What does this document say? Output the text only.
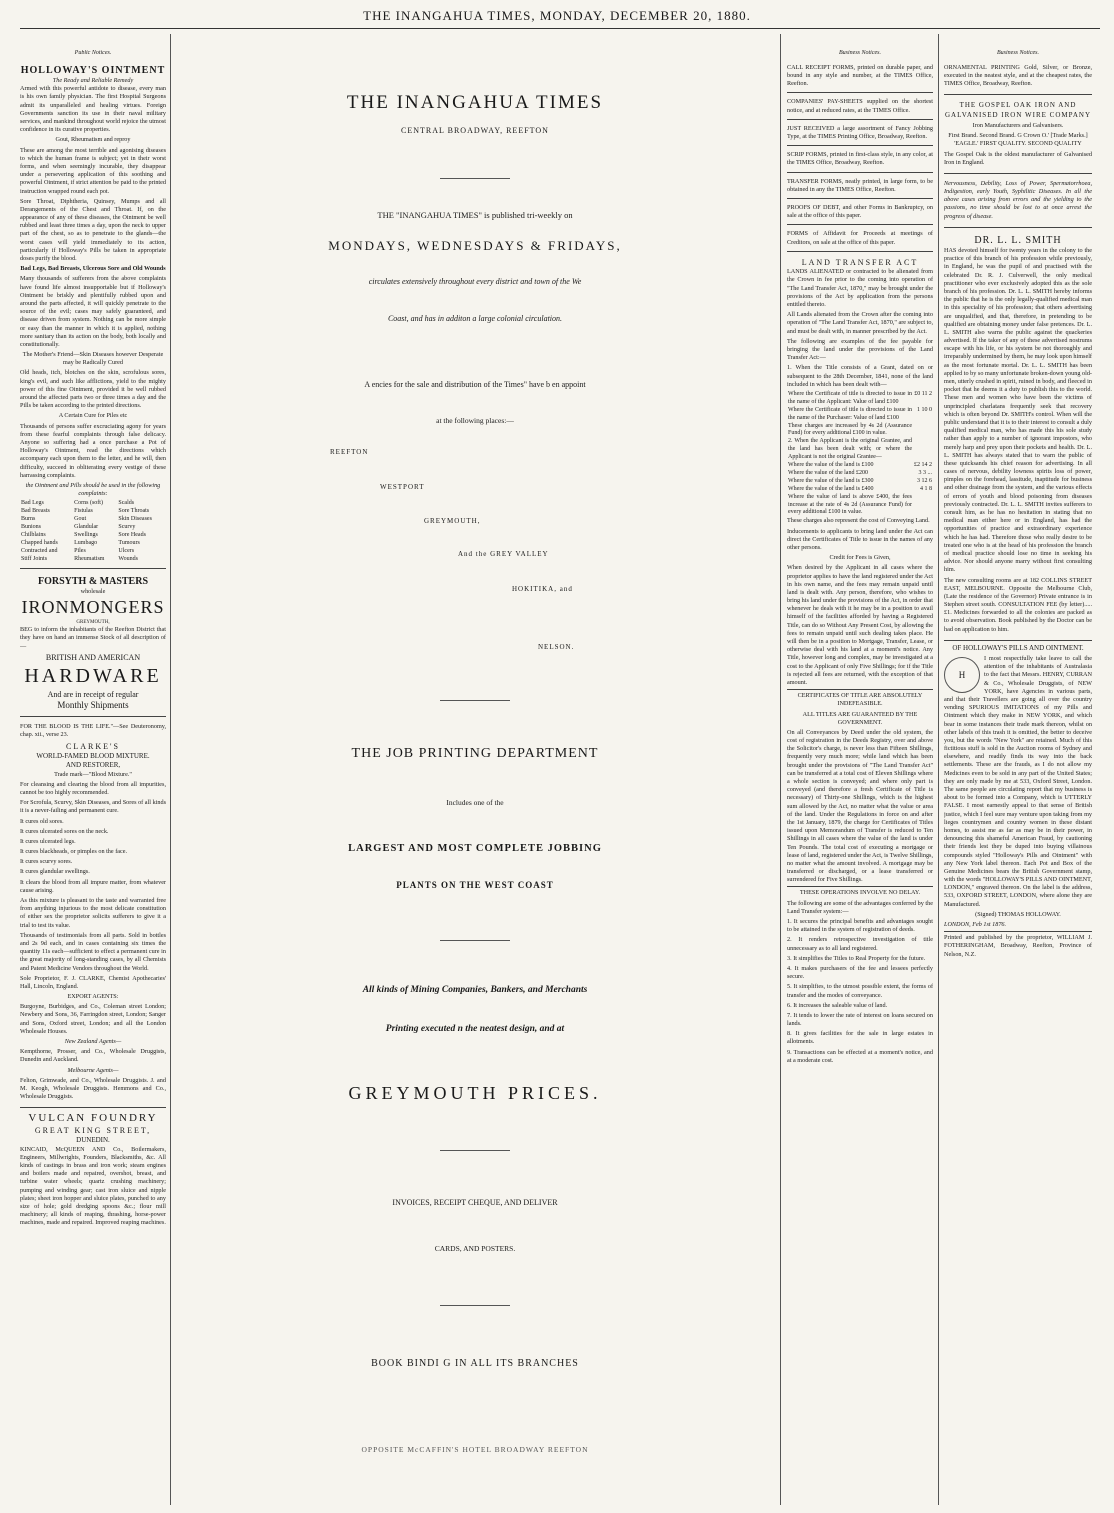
THE INANGAHUA TIMES, MONDAY, DECEMBER 20, 1880.
Public Notices.
HOLLOWAY'S OINTMENT
The Ready and Reliable Remedy

Armed with this powerful antidote to disease, every man is his own family physician. The first Hospital Surgeons admit its unparalleled and healing virtues. Foreign Governments sanction its use in their naval military services, and mankind throughout world rejoice the utmost confidence in its curative properties.

Gout, Rheumatism and reproy

These are among the most terrible and agonising diseases to which the human frame is subject; yet in their worst forms, and when seemingly incurable, they disappear under a persevering application of this soothing and powerful Ointment, if strict attention be paid to the printed instruction wrapped round each pot.

Sore Throat, Diphtheria, Quinsey, Mumps and all Derangements of the Chest and Throat. If, on the appearance of any of these diseases, the Ointment be well rubbed and least three times a day, upon the neck to upper part of the chest, so as to penetrate to the glands—the worst cases will yield immediately to its action, particularly if Holloway's Pills be taken in appropriate doses purify the blood.

Bad Legs, Bad Breasts, Ulcerous Sore and Old Wounds

Many thousands of sufferers from the above complaints have found life almost insupportable but if Holloway's Ointment be briskly and plentifully rubbed upon and around the parts affected, it will quickly penetrate to the source of the evil; cases may safely guaranteed, and disease driven from system. Nothing can be more simple or easy than the manner in which it is applied, nothing more sanitary than its action on the body, both locally and constitutionally.

The Mother's Friend—Skin Diseases however Desperate may be Radically Cured

Old heads, itch, blotches on the skin, scrofulous sores, king's evil, and such like afflictions, yield to the mighty power of this fine Ointment, provided it be well rubbed around the affected parts two or three times a day and the Pills be taken according to the printed directions.

A Certain Cure for Piles etc

Thousands of persons suffer excruciating agony for years from these fearful complaints through false delicacy. Anyone so suffering had a once purchase a Pot of Holloway's Ointment, read the directions which accompany each upon them to the letter, and he will, then difficulty, succeed in obliterating every vestige of these harrassing complaints.

the Ointment and Pills should be used in the following complaints:

Bad Legs	Corns (soft)	Scalds
Bad Breasts	Fistulas	Sore Throats
Burns	Gout	Skin Diseases
Bunions	Glandular	Scurvy
Chilblains	Swellings	Sore Heads
Chapped hands	Lumbago	Tumours
Contracted and	Piles	Ulcers
Stiff Joints	Rheumatism	Wounds
FORSYTH & MASTERS
wholesale
IRONMONGERS
GREYMOUTH,

BEG to inform the inhabitants of the Reefton District that they have on hand an immense Stock of all description of—

BRITISH AND AMERICAN
HARDWARE
And are in receipt of regular
Monthly Shipments

FOR THE BLOOD IS THE LIFE."—See Deuteronomy, chap. xii., verse 23.

CLARKE'S
WORLD-FAMED BLOOD MIXTURE.
AND RESTORER,

Trade mark—"Blood Mixture."

For cleansing and clearing the blood from all impurities, cannot be too highly recommended.

For Scrofula, Scurvy, Skin Diseases, and Sores of all kinds it is a never-failing and permanent cure.

It cures old sores.

It cures ulcerated sores on the neck.

It cures ulcerated legs.

It cures blackheads, or pimples on the face.

It cures scurvy sores.

It cures glandular swellings.

It clears the blood from all impure matter, from whatever cause arising.

As this mixture is pleasant to the taste and warranted free from anything injurious to the most delicate constitution of either sex the proprietor solicits sufferers to give it a trial to test its value.

Thousands of testimonials from all parts. Sold in bottles and 2s 9d each, and in cases containing six times the quantity 11s each—sufficient to effect a permanent cure in the great majority of long-standing cases, by all Chemists and Patent Medicine Vendors throughout the World.

Sole Proprietor, F. J. CLARKE, Chemist Apothecaries' Hall, Lincoln, England.

EXPORT AGENTS:

Burgoyne, Burbidges, and Co., Coleman street London; Newbery and Sons, 36, Farringdon street, London; Sanger and Sons, Oxford street, London; and all the London Wholesale Houses.

New Zealand Agents—

Kempthorne, Prosser, and Co., Wholesale Druggists, Dunedin and Auckland.

Melbourne Agents—

Felton, Grimwade, and Co., Wholesale Druggists. J. and M. Keogh, Wholesale Druggists. Hemmons and Co., Wholesale Druggists.

VULCAN FOUNDRY
GREAT KING STREET,
DUNEDIN.

KINCAID, McQUEEN AND Co., Boilermakers, Engineers, Millwrights, Founders, Blacksmiths, &c. All kinds of castings in brass and iron work; steam engines and boilers made and repaired, overshot, breast, and turbine water wheels; quartz crushing machinery; pumping and winding gear; cast iron sluice and nipple plates; sheet iron hopper and sluice plates, punched to any size of hole; gold dredging spoons &c.; flour mill machinery; all kinds of reaping, thrashing, horse-power machines, made and repaired. Improved reaping machines.

THE INANGAHUA TIMES
CENTRAL BROADWAY, REEFTON
THE "INANGAHUA TIMES" is published tri-weekly on
MONDAYS, WEDNESDAYS & FRIDAYS,
circulates extensively throughout every district and town of the We
Coast, and has in additon a large colonial circulation.
A encies for the sale and distribution of the Times" have b en appoint
at the following places:—
REEFTON
WESTPORT
GREYMOUTH,
And the GREY VALLEY
HOKITIKA, and
NELSON.
THE JOB PRINTING DEPARTMENT
Includes one of the
LARGEST AND MOST COMPLETE JOBBING
PLANTS ON THE WEST COAST
All kinds of Mining Companies, Bankers, and Merchants
Printing executed n the neatest design, and at
GREYMOUTH PRICES.
INVOICES, RECEIPT CHEQUE, AND DELIVER
CARDS, AND POSTERS.
BOOK BINDI G IN ALL ITS BRANCHES
OPPOSITE McCAFFIN'S HOTEL BROADWAY REEFTON
Business Notices.

CALL RECEIPT FORMS, printed on durable paper, and bound in any style and number, at the TIMES Office, Reefton.

COMPANIES' PAY-SHEETS supplied on the shortest notice, and at reduced rates, at the TIMES Office.

JUST RECEIVED a large assortment of Fancy Jobbing Type, at the TIMES Printing Office, Broadway, Reefton.

SCRIP FORMS, printed in first-class style, in any color, at the TIMES Office, Broadway, Reefton.

TRANSFER FORMS, neatly printed, in large form, to be obtained in any the TIMES Office, Reefton.

PROOFS OF DEBT, and other Forms in Bankruptcy, on sale at the office of this paper.

FORMS of Affidavit for Proceeds at meetings of Creditors, on sale at the office of this paper.

LAND TRANSFER ACT

LANDS ALIENATED or contracted to be alienated from the Crown in fee prior to the coming into operation of "The Land Transfer Act, 1870," may be brought under the provisions of the Act by application from the persons entitled thereto.

All Lands alienated from the Crown after the coming into operation of "The Land Transfer Act, 1870," are subject to, and must be dealt with, in manner prescribed by the Act.

The following are examples of the fee payable for bringing the land under the provisions of the Land Transfer Act:—

1. When the Title consists of a Grant, dated on or subsequent to the 28th December, 1841, none of the land included in which has been dealt with—

Where the Certificate of title is directed to issue in the name of the Applicant: Value of land £100	£0 11 2
Where the Certificate of title is directed to issue in the name of the Purchaser: Value of land £100	1 10 0
These charges are increased by 4s 2d (Assurance Fund) for every additional £100 in value.	
2. When the Applicant is the original Grantee, and the land has been dealt with; or where the Applicant is not the original Grantee—	
Where the value of the land is £100	£2 14 2
Where the value of the land £200	3 3 ...
Where the value of the land is £300	3 12 6
Where the value of the land is £400	4 1 8
Where the value of land is above £400, the fees increase at the rate of 4s 2d (Assurance Fund) for every additional £100 in value.	

These charges also represent the cost of Conveying Land.

Inducements to applicants to bring land under the Act can direct the Certificates of Title to issue in the names of any other persons.

Credit for Fees is Given,

When desired by the Applicant in all cases where the proprietor applies to have the land registered under the Act in his own name, and the fees may remain unpaid until land is dealt with. Any person, therefore, who wishes to bring his land under the provisions of the Act, in order that whenever he deals with it he may be in a position to avail himself of the facilities afforded by having a Registered Title, can do so Without Any Present Cost, by allowing the fees to remain unpaid until such dealing takes place. He will then be in a position to Mortgage, Transfer, Lease, or otherwise deal with his land at a moment's notice. Any Title, however long and complex, may be investigated at a cost to the Applicant of only Five Shillings; for if the Title is rejected all fees are returned, with the exception of that amount.

CERTIFICATES OF TITLE ARE ABSOLUTELY INDEFEASIBLE.

ALL TITLES ARE GUARANTEED BY THE GOVERNMENT.

On all Conveyances by Deed under the old system, the cost of registration in the Deeds Registry, over and above the Solicitor's charge, is never less than Fifteen Shillings, frequently very much more; while land which has been brought under the provisions of "The Land Transfer Act" can be transferred at a total cost of Eleven Shillings where a whole section is conveyed; and where only part is conveyed (and therefore a fresh Certificate of Title is necessary) of Thirty-one Shillings, which is the highest sum allowed by the Act, no matter what the value or area of the land. Under the Regulations in force on and after the 1st January, 1879, the charge for Certificates of Titles issued upon Memorandum of Transfer is reduced to Ten Shillings in all cases where the value of the land is under Ten Pounds. The total cost of executing a mortgage or lease of land, registered under the Act, is Twelve Shillings, no matter what the amount involved. A mortgage may be transferred or discharged, or a lease transferred or surrendered for Five Shillings.

THESE OPERATIONS INVOLVE NO DELAY.

The following are some of the advantages conferred by the Land Transfer system:—

1. It secures the principal benefits and advantages sought to be attained in the system of registration of deeds.

2. It renders retrospective investigation of title unnecessary as to all land registered.

3. It simplifies the Titles to Real Property for the future.

4. It makes purchasers of the fee and lessees perfectly secure.

5. It simplifies, to the utmost possible extent, the forms of transfer and the modes of conveyance.

6. It increases the saleable value of land.

7. It tends to lower the rate of interest on loans secured on lands.

8. It gives facilities for the sale in large estates in allotments.

9. Transactions can be effected at a moment's notice, and at a moderate cost.

Business Notices.

ORNAMENTAL PRINTING Gold, Silver, or Bronze, executed in the neatest style, and at the cheapest rates, the TIMES Office, Broadway, Reefton.

THE GOSPEL OAK IRON AND GALVANISED IRON WIRE COMPANY

Iron Manufacturers and Galvanisers.

First Brand. Second Brand. G Crown O.' [Trade Marks.] 'EAGLE.' FIRST QUALITY. SECOND QUALITY

The Gospel Oak is the oldest manufacturer of Galvanised Iron in England.

Nervousness, Debility, Loss of Power, Spermatorrhoea, Indigestion, early Youth, Syphilitic Diseases. In all the above cases arising from errors and the yielding to the passions, no time should be lost to at once arrest the progress of disease.

DR. L. L. SMITH

HAS devoted himself for twenty years in the colony to the practice of this branch of his profession while previously, in England, he was the pupil of and practised with the celebrated Dr. R. J. Culverwell, the only medical practitioner who ever exclusively adopted this as the sole branch of his profession. Dr. L. L. SMITH hereby informs the public that he is the only legally-qualified medical man in this speciality of his profession; that others advertising are unqualified, and that, therefore, in pretending to be qualified are obtaining money under false pretences. Dr. L. L. SMITH also warns the public against the quackeries advertised. If the taker of any of these advertised nostrums escape with his life, or his system be not thoroughly and irreparably undermined by them, he may look upon himself as the most fortunate mortal. Dr. L. L. SMITH has been applied to by so many unfortunate broken-down young old-men, utterly crushed in spirit, ruined in body, and fleeced in pocket that he deems it a duty to publish this to the world. These men and women who have been the victims of unprincipled charlatans frequently seek that recovery which is often beyond Dr. SMITH's control. When will the public understand that it is to their interest to consult a duly qualified medical man, who has made this his sole study rather than apply to a number of ignorant impostors, who merely harp and prey upon their pockets and health. Dr. L. L. SMITH has always stated that to warn the public of these quicksands his chief reason for advertising. In all cases of nervous, debility lowness spirits loss of power, pimples on the forehead, lassitude, inaptitude for business and other drainage from the system, and the various effects of errors of youth and blood poisoning from diseases previously contracted. Dr. L. L. SMITH invites sufferers to consult him, as he has no hesitation in stating that no medical man either here or in England, has had the opportunities of practice and extraordinary experience which he has had. Therefore those who really desire to be treated one who is at the head of his profession the branch of medical practice should lose no time in seeking his advice. Nor should anyone marry without first consulting him.

The new consulting rooms are at 182 COLLINS STREET EAST, MELBOURNE. Opposite the Melbourne Club, (Late the residence of the Governor) Private entrance is in Stephen street south. CONSULTATION FEE (by letter).....£1. Medicines forwarded to all the colonies are packed as to avoid observation. Book published by the Doctor can be had on application to him.

OF HOLLOWAY'S PILLS AND OINTMENT.

H

I most respectfully take leave to call the attention of the inhabitants of Australasia to the fact that Messrs. HENRY, CURRAN & Co., Wholesale Druggists, of NEW YORK, have Agencies in various parts, and that their Travellers are going all over the country vending SPURIOUS IMITATIONS of my Pills and Ointment which they make in NEW YORK, and which bear in some instances their trade mark thereon, whilst on other labels of this trash it is omitted, the better to deceive you, but the words "New York" are retained. Much of this fictitious stuff is sold in the Auction rooms of Sydney and elsewhere, and readily finds its way into the back settlements. These are the frauds, as I do not allow my Medicines even to be sold in any part of the United States; they are only made by me at 533, Oxford Street, London. The same people are circulating report that my business is about to be formed into a Company, which is UTTERLY FALSE. I most earnestly appeal to that sense of British justice, which I feel sure may venture upon taking from my lieges countrymen and country women in these distant homes, to assist me as far as may be in their power, in denouncing this shameful American Fraud, by cautioning their friends lest they be duped into buying villainous compounds styled "Holloway's Pills and Ointment" with any New York label thereon. Each Pot and Box of the Genuine Medicines bears the British Government stamp, with the words "HOLLOWAY'S PILLS AND OINTMENT, LONDON," engraved thereon. On the label is the address, 533, OXFORD STREET, LONDON, where alone they are Manufactured.

(Signed) THOMAS HOLLOWAY.

LONDON, Feb 1st 1876.

Printed and published by the proprietor, WILLIAM J. FOTHERINGHAM, Broadway, Reefton, Province of Nelson, N.Z.
